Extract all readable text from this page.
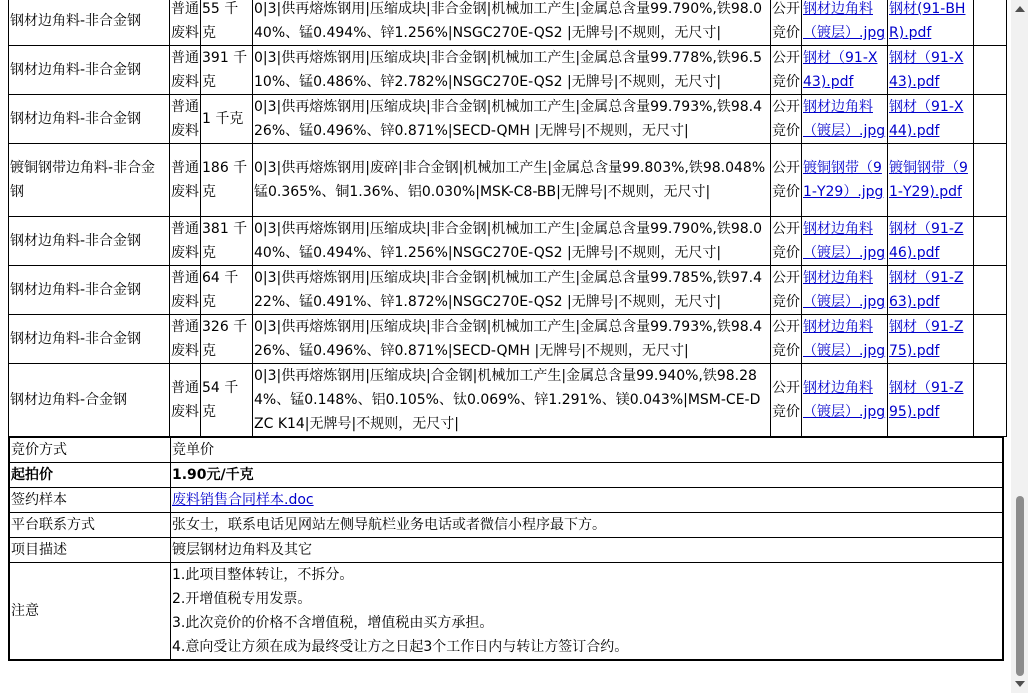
钢材边角料-非合金钢	普通废料	55 千克	0|3|供再熔炼钢用|压缩成块|非合金钢|机械加工产生|金属总含量99.790%,铁98.040%、锰0.494%、锌1.256%|NSGC270E-QS2 |无牌号|不规则，无尺寸|	公开竞价	钢材边角料（镀层）.jpg	钢材(91-BHR).pdf	
钢材边角料-非合金钢	普通废料	391 千克	0|3|供再熔炼钢用|压缩成块|非合金钢|机械加工产生|金属总含量99.778%,铁96.510%、锰0.486%、锌2.782%|NSGC270E-QS2 |无牌号|不规则，无尺寸|	公开竞价	钢材（91-X43).pdf	钢材（91-X43).pdf	
钢材边角料-非合金钢	普通废料	1 千克	0|3|供再熔炼钢用|压缩成块|非合金钢|机械加工产生|金属总含量99.793%,铁98.426%、锰0.496%、锌0.871%|SECD-QMH |无牌号|不规则，无尺寸|	公开竞价	钢材边角料（镀层）.jpg	钢材（91-X44).pdf	
镀铜钢带边角料-非合金钢	普通废料	186 千克	0|3|供再熔炼钢用|废碎|非合金钢|机械加工产生|金属总含量99.803%,铁98.048%锰0.365%、铜1.36%、铝0.030%|MSK-C8-BB|无牌号|不规则，无尺寸|	公开竞价	镀铜钢带（91-Y29）.jpg	镀铜钢带（91-Y29).pdf	
钢材边角料-非合金钢	普通废料	381 千克	0|3|供再熔炼钢用|压缩成块|非合金钢|机械加工产生|金属总含量99.790%,铁98.040%、锰0.494%、锌1.256%|NSGC270E-QS2 |无牌号|不规则，无尺寸|	公开竞价	钢材边角料（镀层）.jpg	钢材（91-Z46).pdf	
钢材边角料-非合金钢	普通废料	64 千克	0|3|供再熔炼钢用|压缩成块|非合金钢|机械加工产生|金属总含量99.785%,铁97.422%、锰0.491%、锌1.872%|NSGC270E-QS2 |无牌号|不规则，无尺寸|	公开竞价	钢材边角料（镀层）.jpg	钢材（91-Z63).pdf	
钢材边角料-非合金钢	普通废料	326 千克	0|3|供再熔炼钢用|压缩成块|非合金钢|机械加工产生|金属总含量99.793%,铁98.426%、锰0.496%、锌0.871%|SECD-QMH |无牌号|不规则，无尺寸|	公开竞价	钢材边角料（镀层）.jpg	钢材（91-Z75).pdf	
钢材边角料-合金钢	普通废料	54 千克	0|3|供再熔炼钢用|压缩成块|合金钢|机械加工产生|金属总含量99.940%,铁98.284%、锰0.148%、铝0.105%、钛0.069%、锌1.291%、镁0.043%|MSM-CE-DZC K14|无牌号|不规则，无尺寸|	公开竞价	钢材边角料（镀层）.jpg	钢材（91-Z95).pdf	
竞价方式	竞单价
起拍价	1.90元/千克
签约样本	废料销售合同样本.doc
平台联系方式	张女士，联系电话见网站左侧导航栏业务电话或者微信小程序最下方。
项目描述	镀层钢材边角料及其它
注意	1.此项目整体转让，不拆分。
2.开增值税专用发票。
3.此次竞价的价格不含增值税，增值税由买方承担。
4.意向受让方须在成为最终受让方之日起3个工作日内与转让方签订合约。
